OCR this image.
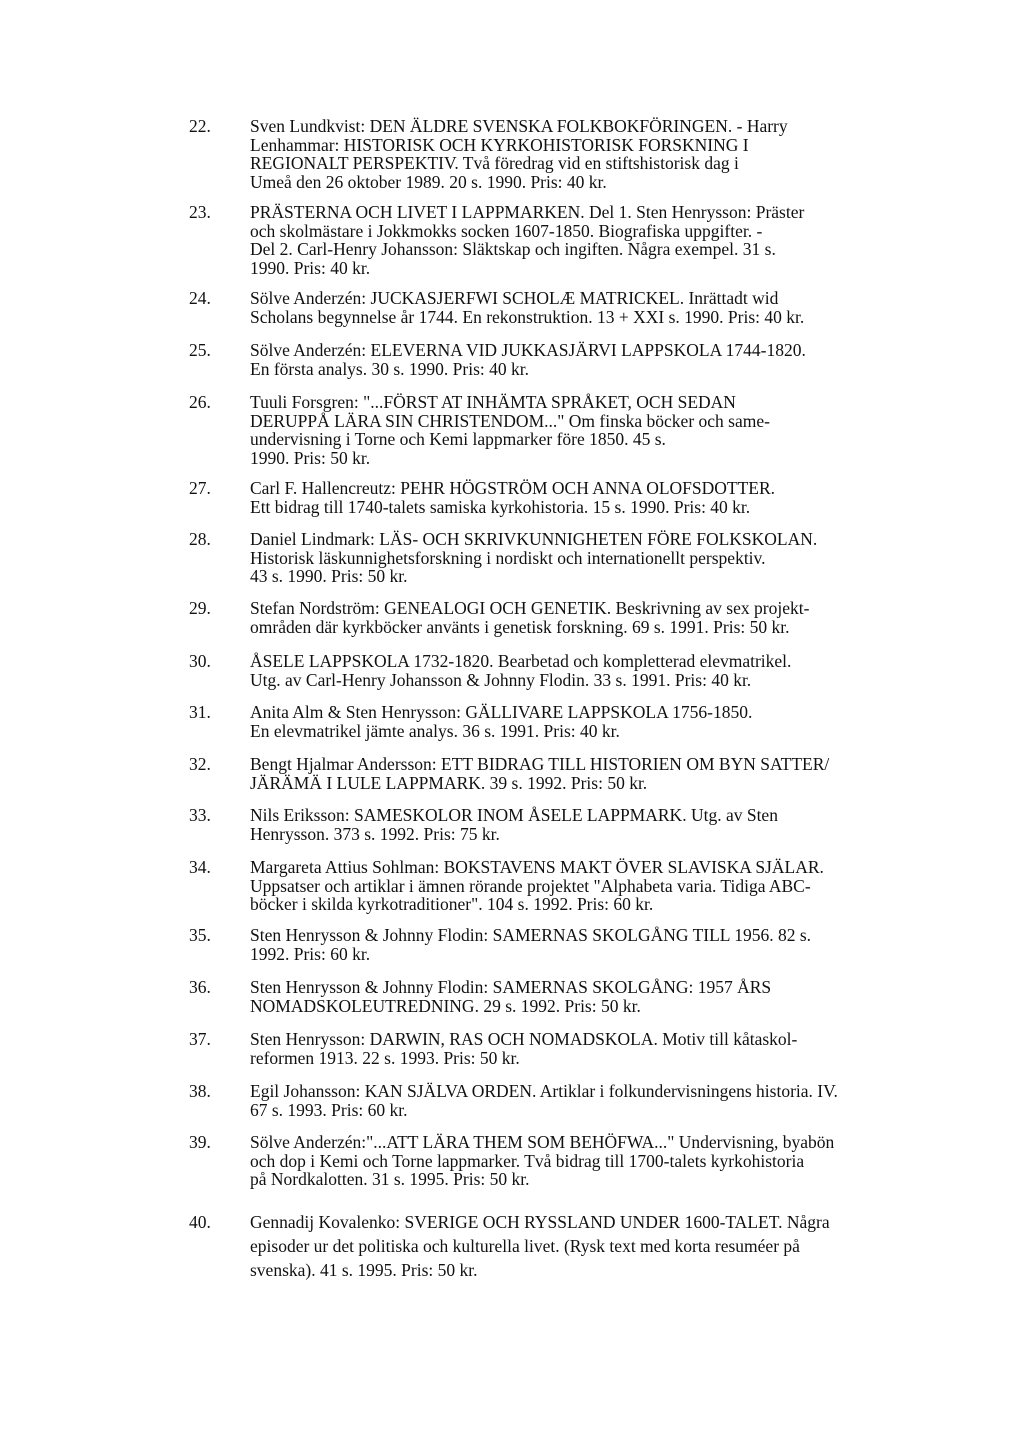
22.	Sven Lundkvist: DEN ÄLDRE SVENSKA FOLKBOKFÖRINGEN. - Harry
Lenhammar: HISTORISK OCH KYRKOHISTORISK FORSKNING I
REGIONALT PERSPEKTIV. Två föredrag vid en stiftshistorisk dag i
Umeå den 26 oktober 1989. 20 s. 1990. Pris: 40 kr.
23.	PRÄSTERNA OCH LIVET I LAPPMARKEN. Del 1. Sten Henrysson: Präster
och skolmästare i Jokkmokks socken 1607-1850. Biografiska uppgifter. -
Del 2. Carl-Henry Johansson: Släktskap och ingiften. Några exempel. 31 s.
1990. Pris: 40 kr.
24.	Sölve Anderzén: JUCKASJERFWI SCHOLÆ MATRICKEL. Inrättadt wid
Scholans begynnelse år 1744. En rekonstruktion. 13 + XXI s. 1990. Pris: 40 kr.
25.	Sölve Anderzén: ELEVERNA VID JUKKASJÄRVI LAPPSKOLA 1744-1820.
En första analys. 30 s. 1990. Pris: 40 kr.
26.	Tuuli Forsgren: "...FÖRST AT INHÄMTA SPRÅKET, OCH SEDAN
DERUPPÅ LÄRA SIN CHRISTENDOM..." Om finska böcker och same-
undervisning i Torne och Kemi lappmarker före 1850. 45 s.
1990. Pris: 50 kr.
27.	Carl F. Hallencreutz: PEHR HÖGSTRÖM OCH ANNA OLOFSDOTTER.
Ett bidrag till 1740-talets samiska kyrkohistoria. 15 s. 1990. Pris: 40 kr.
28.	Daniel Lindmark: LÄS- OCH SKRIVKUNNIGHETEN FÖRE FOLKSKOLAN.
Historisk läskunnighetsforskning i nordiskt och internationellt perspektiv.
43 s. 1990. Pris: 50 kr.
29.	Stefan Nordström: GENEALOGI OCH GENETIK. Beskrivning av sex projekt-
områden där kyrkböcker använts i genetisk forskning. 69 s. 1991. Pris: 50 kr.
30.	ÅSELE LAPPSKOLA 1732-1820. Bearbetad och kompletterad elevmatrikel.
Utg. av Carl-Henry Johansson & Johnny Flodin. 33 s. 1991. Pris: 40 kr.
31.	Anita Alm & Sten Henrysson: GÄLLIVARE LAPPSKOLA 1756-1850.
En elevmatrikel jämte analys. 36 s. 1991. Pris: 40 kr.
32.	Bengt Hjalmar Andersson: ETT BIDRAG TILL HISTORIEN OM BYN SATTER/
JÄRÄMÄ I LULE LAPPMARK. 39 s. 1992. Pris: 50 kr.
33.	Nils Eriksson: SAMESKOLOR INOM ÅSELE LAPPMARK. Utg. av Sten
Henrysson. 373 s. 1992. Pris: 75 kr.
34.	Margareta Attius Sohlman: BOKSTAVENS MAKT ÖVER SLAVISKA SJÄLAR.
Uppsatser och artiklar i ämnen rörande projektet "Alphabeta varia. Tidiga ABC-
böcker i skilda kyrkotraditioner". 104 s. 1992. Pris: 60 kr.
35.	Sten Henrysson & Johnny Flodin: SAMERNAS SKOLGÅNG TILL 1956. 82 s.
1992. Pris: 60 kr.
36.	Sten Henrysson & Johnny Flodin: SAMERNAS SKOLGÅNG: 1957 ÅRS
NOMADSKOLEUTREDNING. 29 s. 1992. Pris: 50 kr.
37.	Sten Henrysson: DARWIN, RAS OCH NOMADSKOLA. Motiv till kåtaskol-
reformen 1913. 22 s. 1993. Pris: 50 kr.
38.	Egil Johansson: KAN SJÄLVA ORDEN. Artiklar i folkundervisningens historia. IV.
67 s. 1993. Pris: 60 kr.
39.	Sölve Anderzén:"...ATT LÄRA THEM SOM BEHÖFWA..." Undervisning, byabön
och dop i Kemi och Torne lappmarker. Två bidrag till 1700-talets kyrkohistoria
på Nordkalotten. 31 s. 1995. Pris: 50 kr.
40.	Gennadij Kovalenko: SVERIGE OCH RYSSLAND UNDER 1600-TALET. Några
episoder ur det politiska och kulturella livet. (Rysk text med korta resuméer på
svenska). 41 s. 1995. Pris: 50 kr.
